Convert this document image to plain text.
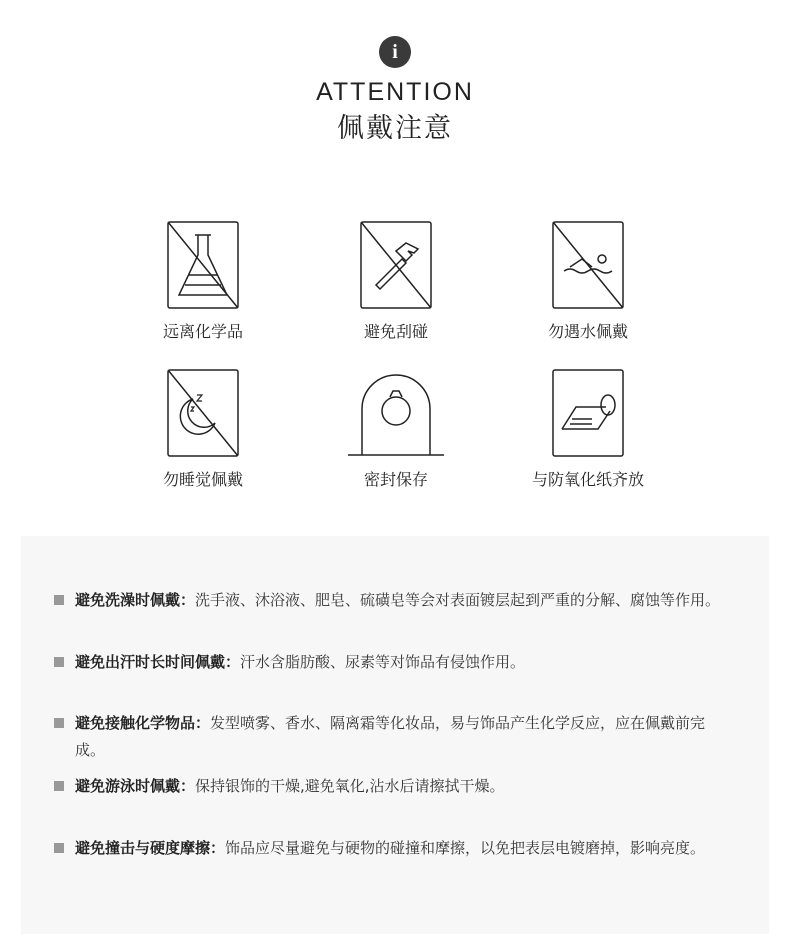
i
ATTENTION
佩戴注意
远离化学品	避免刮碰	勿遇水佩戴
勿睡觉佩戴	密封保存	与防氧化纸齐放
避免洗澡时佩戴：洗手液、沐浴液、肥皂、硫磺皂等会对表面镀层起到严重的分解、腐蚀等作用。
避免出汗时长时间佩戴：汗水含脂肪酸、尿素等对饰品有侵蚀作用。
避免接触化学物品：发型喷雾、香水、隔离霜等化妆品，易与饰品产生化学反应，应在佩戴前完成。
避免游泳时佩戴：保持银饰的干燥,避免氧化,沾水后请擦拭干燥。
避免撞击与硬度摩擦：饰品应尽量避免与硬物的碰撞和摩擦，以免把表层电镀磨掉，影响亮度。
